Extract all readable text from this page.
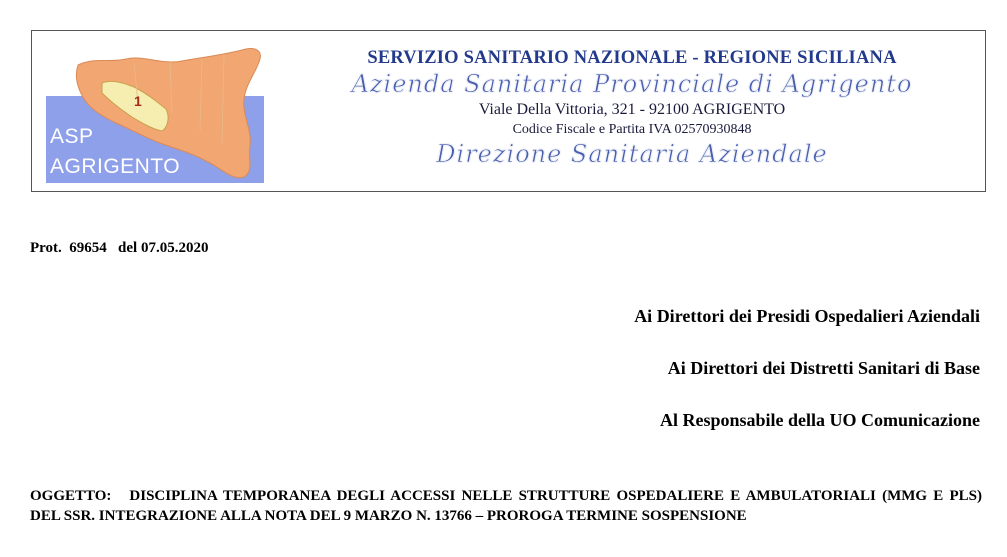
1
ASP
AGRIGENTO

SERVIZIO SANITARIO NAZIONALE - REGIONE SICILIANA

Azienda Sanitaria Provinciale di Agrigento

Viale Della Vittoria, 321 - 92100 AGRIGENTO

Codice Fiscale e Partita IVA 02570930848

Direzione Sanitaria Aziendale

Prot. 69654 del 07.05.2020

Ai Direttori dei Presidi Ospedalieri Aziendali

Ai Direttori dei Distretti Sanitari di Base

Al Responsabile della UO Comunicazione

OGGETTO: DISCIPLINA TEMPORANEA DEGLI ACCESSI NELLE STRUTTURE OSPEDALIERE E AMBULATORIALI (MMG E PLS) DEL SSR. INTEGRAZIONE ALLA NOTA DEL 9 MARZO N. 13766 – PROROGA TERMINE SOSPENSIONE
